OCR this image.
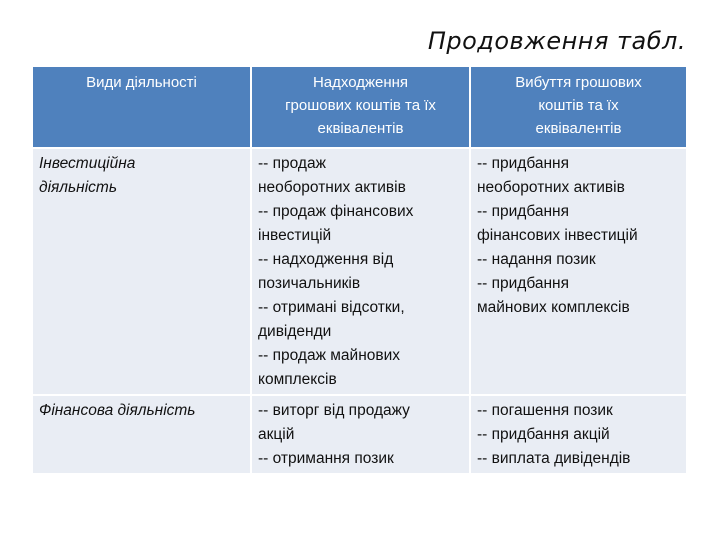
Продовження табл.
Види діяльності	Надходження
грошових коштів та їх
еквівалентів
Вибуття грошових
коштів та їх
еквівалентів
Інвестиційна
діяльність
-- продаж
необоротних активів
-- продаж фінансових
інвестицій
-- надходження від
позичальників
-- отримані відсотки,
дивіденди
-- продаж майнових
комплексів
-- придбання
необоротних активів
-- придбання
фінансових інвестицій
-- надання позик
-- придбання
майнових комплексів
Фінансова діяльність	-- виторг від продажу
акцій
-- отримання позик
-- погашення позик
-- придбання акцій
-- виплата дивідендів
